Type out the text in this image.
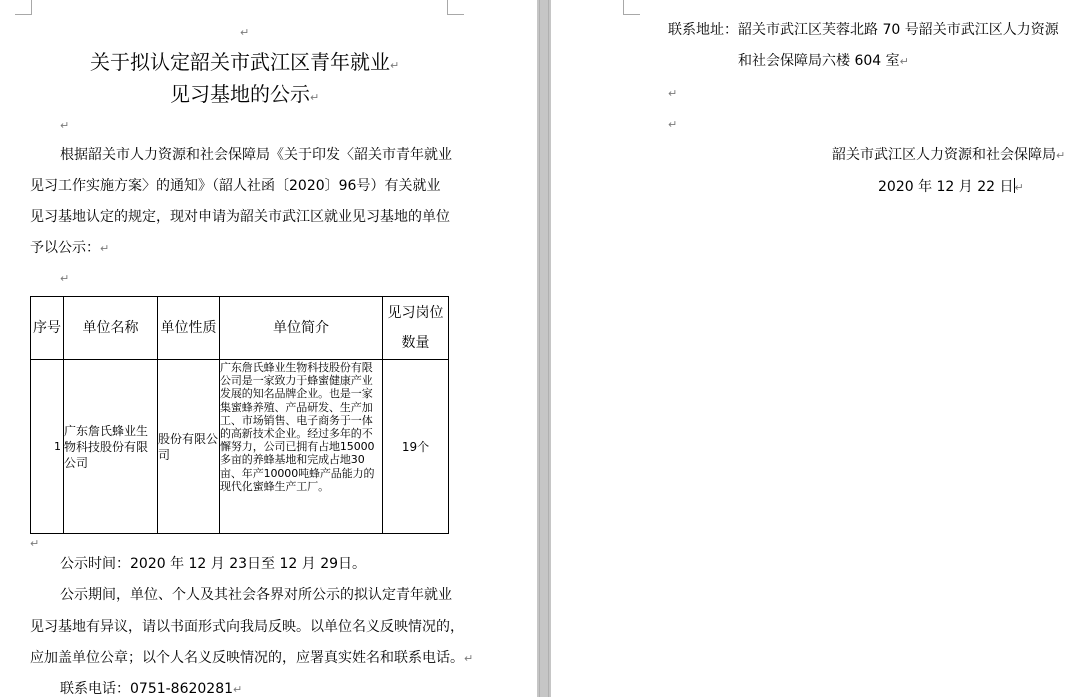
↵
关于拟认定韶关市武江区青年就业↵
见习基地的公示↵
↵
根据韶关市人力资源和社会保障局《关于印发〈韶关市青年就业
见习工作实施方案〉的通知》（韶人社函〔2020〕96号）有关就业
见习基地认定的规定，现对申请为韶关市武江区就业见习基地的单位
予以公示：↵
↵
序号	单位名称	单位性质	单位简介	见习岗位数量
1	广东詹氏蜂业生物科技股份有限公司	股份有限公司	广东詹氏蜂业生物科技股份有限公司是一家致力于蜂蜜健康产业发展的知名品牌企业。也是一家集蜜蜂养殖、产品研发、生产加工、市场销售、电子商务于一体的高新技术企业。经过多年的不懈努力，公司已拥有占地15000多亩的养蜂基地和完成占地30亩、年产10000吨蜂产品能力的现代化蜜蜂生产工厂。	19个
↵
公示时间：2020 年 12 月 23日至 12 月 29日。
公示期间，单位、个人及其社会各界对所公示的拟认定青年就业
见习基地有异议，请以书面形式向我局反映。以单位名义反映情况的，
应加盖单位公章；以个人名义反映情况的，应署真实姓名和联系电话。↵
联系电话：0751-8620281↵
联系地址：韶关市武江区芙蓉北路 70 号韶关市武江区人力资源
和社会保障局六楼 604 室↵
↵
↵
韶关市武江区人力资源和社会保障局↵
2020 年 12 月 22 日↵
